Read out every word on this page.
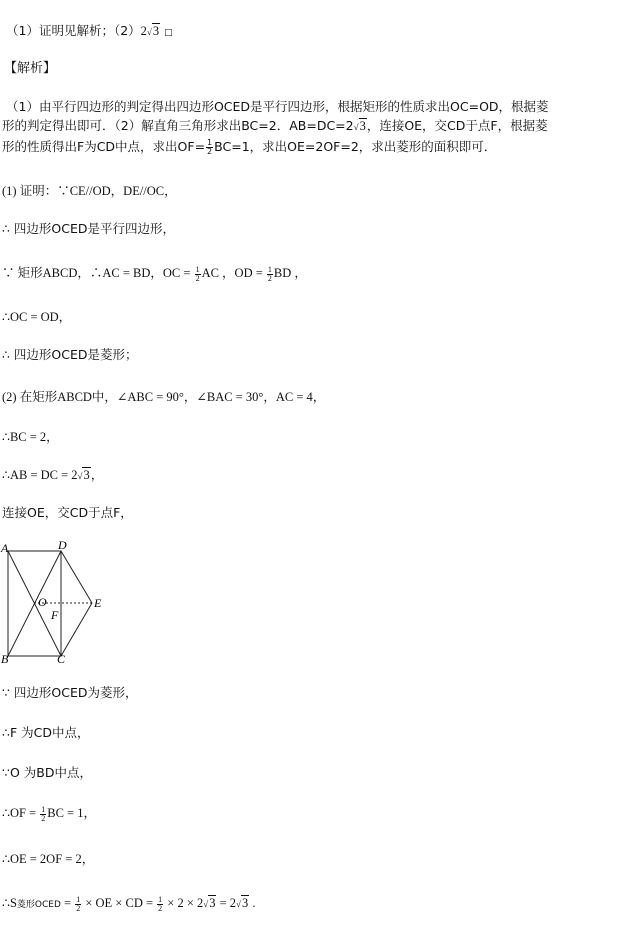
（1）证明见解析；（2）2√3 □
【解析】
（1）由平行四边形的判定得出四边形OCED是平行四边形，根据矩形的性质求出OC=OD，根据菱
形的判定得出即可．（2）解直角三角形求出BC=2．AB=DC=2√3，连接OE，交CD于点F，根据菱
形的性质得出F为CD中点，求出$OF= \frac{1}{2} BC=1$，求出OE=2OF=2，求出菱形的面积即可．
(1) 证明：∵CE//OD，DE//OC，
∴ 四边形OCED是平行四边形，
∵ 矩形ABCD，∴AC = BD，OC = $\frac{1}{2}$ AC ，OD = $\frac{1}{2}$ BD ，
∴OC = OD，
∴ 四边形OCED是菱形；
(2) 在矩形ABCD中，∠ABC = 90°，∠BAC = 30°，AC = 4，
∴BC = 2，
∴AB = DC = 2√3，
连接OE，交CD于点F，
A	D
B	C
O	E
F
∵ 四边形OCED为菱形，
∴F 为CD中点，
∵O 为BD中点，
∴OF = $\frac{1}{2}$ BC = 1，
∴OE = 2OF = 2，
∴S菱形OCED = $\frac{1}{2}$ × OE × CD = $\frac{1}{2} \times 2 \times 2√3 = 2√3$ .
